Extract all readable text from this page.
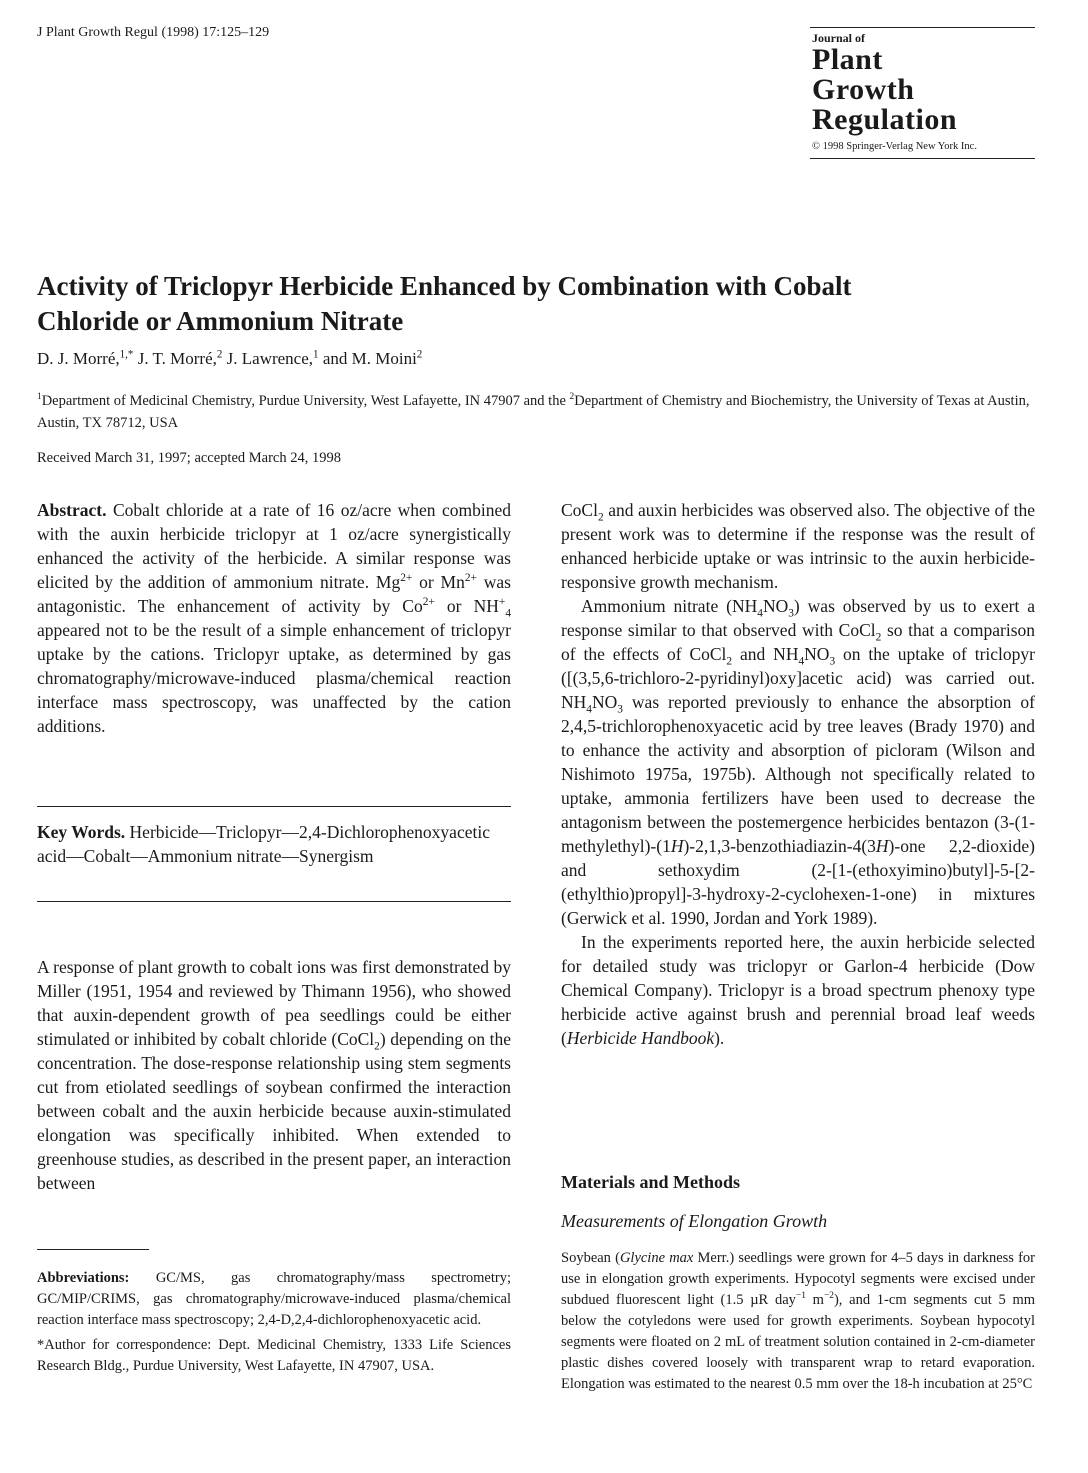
J Plant Growth Regul (1998) 17:125–129	Journal of
Plant
Growth
Regulation
© 1998 Springer-Verlag New York Inc.
Activity of Triclopyr Herbicide Enhanced by Combination with Cobalt
Chloride or Ammonium Nitrate
D. J. Morré,$^{1,*}$ J. T. Morré,$^2$ J. Lawrence,$^1$ and M. Moini$^2$
$^1$Department of Medicinal Chemistry, Purdue University, West Lafayette, IN 47907 and the $^2$Department of Chemistry and Biochemistry, the University of Texas at Austin, Austin, TX 78712, USA
Received March 31, 1997; accepted March 24, 1998

Abstract. Cobalt chloride at a rate of 16 oz/acre when combined with the auxin herbicide triclopyr at 1 oz/acre synergistically enhanced the activity of the herbicide. A similar response was elicited by the addition of ammonium nitrate. $Mg^{2+}$ or $Mn^{2+}$ was antagonistic. The enhancement of activity by $Co^{2+}$ or $NH^+_4$ appeared not to be the result of a simple enhancement of triclopyr uptake by the cations. Triclopyr uptake, as determined by gas chromatography/microwave-induced plasma/chemical reaction interface mass spectroscopy, was unaffected by the cation additions.

Key Words. Herbicide—Triclopyr—2,4-Dichlorophenoxyacetic acid—Cobalt—Ammonium nitrate—Synergism

A response of plant growth to cobalt ions was first demonstrated by Miller (1951, 1954 and reviewed by Thimann 1956), who showed that auxin-dependent growth of pea seedlings could be either stimulated or inhibited by cobalt chloride (CoCl$_2$) depending on the concentration. The dose-response relationship using stem segments cut from etiolated seedlings of soybean confirmed the interaction between cobalt and the auxin herbicide because auxin-stimulated elongation was specifically inhibited. When extended to greenhouse studies, as described in the present paper, an interaction between

Abbreviations: GC/MS, gas chromatography/mass spectrometry; GC/MIP/CRIMS, gas chromatography/microwave-induced plasma/chemical reaction interface mass spectroscopy; 2,4-D,2,4-dichlorophenoxyacetic acid.

*Author for correspondence: Dept. Medicinal Chemistry, 1333 Life Sciences Research Bldg., Purdue University, West Lafayette, IN 47907, USA.

CoCl$_2$ and auxin herbicides was observed also. The objective of the present work was to determine if the response was the result of enhanced herbicide uptake or was intrinsic to the auxin herbicide-responsive growth mechanism.

Ammonium nitrate $(NH_4NO_3)$ was observed by us to exert a response similar to that observed with CoCl$_2$ so that a comparison of the effects of CoCl$_2$ and $NH_4NO_3$ on the uptake of triclopyr ([(3,5,6-trichloro-2-pyridinyl)oxy]acetic acid) was carried out. $NH_4NO_3$ was reported previously to enhance the absorption of 2,4,5-trichlorophenoxyacetic acid by tree leaves (Brady 1970) and to enhance the activity and absorption of picloram (Wilson and Nishimoto 1975a, 1975b). Although not specifically related to uptake, ammonia fertilizers have been used to decrease the antagonism between the postemergence herbicides bentazon (3-(1-methylethyl)-(1H)-2,1,3-benzothiadiazin-4(3H)-one 2,2-dioxide) and sethoxydim (2-[1-(ethoxyimino)butyl]-5-[2-(ethylthio)propyl]-3-hydroxy-2-cyclohexen-1-one) in mixtures (Gerwick et al. 1990, Jordan and York 1989).

In the experiments reported here, the auxin herbicide selected for detailed study was triclopyr or Garlon-4 herbicide (Dow Chemical Company). Triclopyr is a broad spectrum phenoxy type herbicide active against brush and perennial broad leaf weeds (Herbicide Handbook).

Materials and Methods
Measurements of Elongation Growth

Soybean (Glycine max Merr.) seedlings were grown for 4–5 days in darkness for use in elongation growth experiments. Hypocotyl segments were excised under subdued fluorescent light (1.5 µR day$^{-1}$ $m^{-2}$), and 1-cm segments cut 5 mm below the cotyledons were used for growth experiments. Soybean hypocotyl segments were floated on 2 mL of treatment solution contained in 2-cm-diameter plastic dishes covered loosely with transparent wrap to retard evaporation. Elongation was estimated to the nearest 0.5 mm over the 18-h incubation at 25°C
